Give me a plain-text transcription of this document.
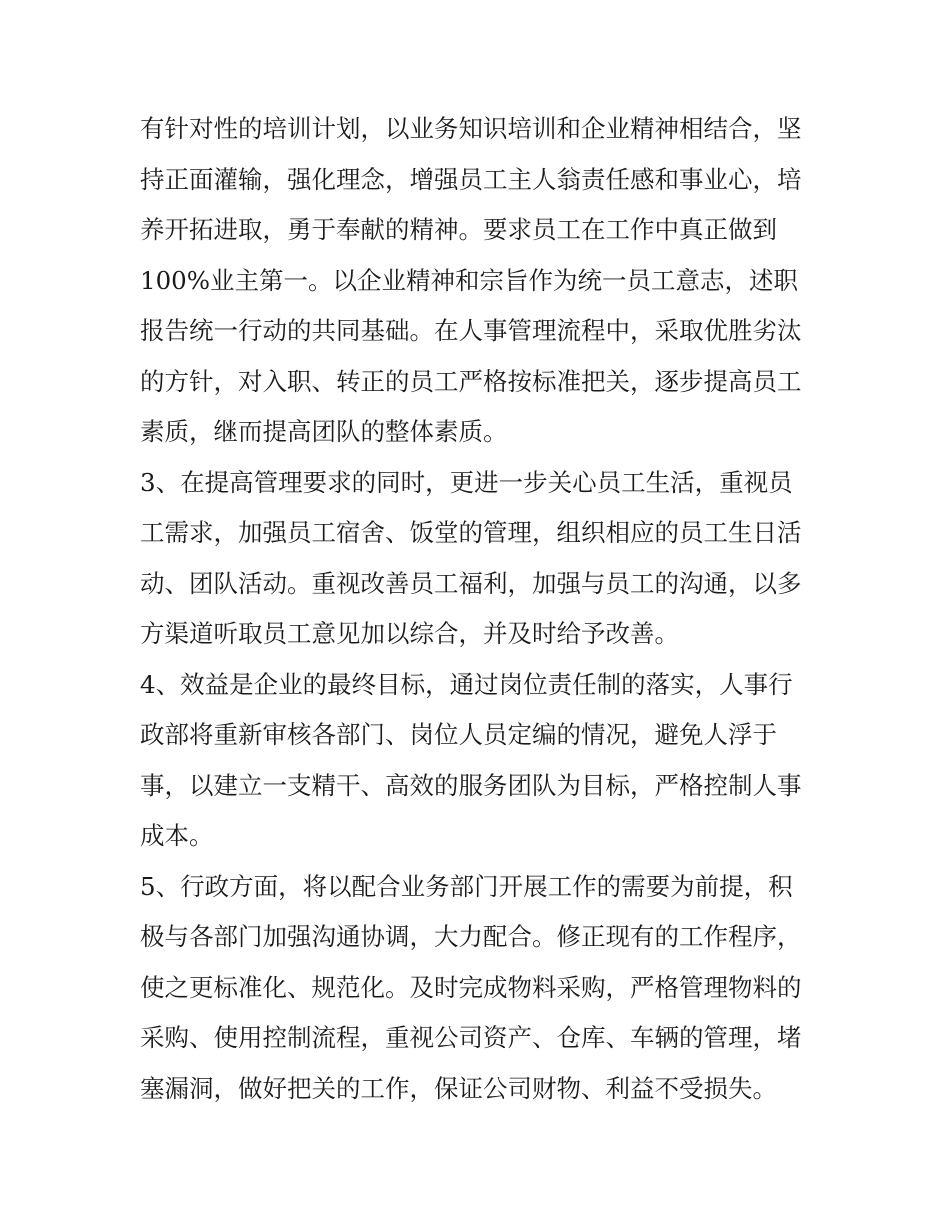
有针对性的培训计划，以业务知识培训和企业精神相结合，坚
持正面灌输，强化理念，增强员工主人翁责任感和事业心，培
养开拓进取，勇于奉献的精神。要求员工在工作中真正做到
100%业主第一。以企业精神和宗旨作为统一员工意志，述职
报告统一行动的共同基础。在人事管理流程中，采取优胜劣汰
的方针，对入职、转正的员工严格按标准把关，逐步提高员工
素质，继而提高团队的整体素质。

3、在提高管理要求的同时，更进一步关心员工生活，重视员
工需求，加强员工宿舍、饭堂的管理，组织相应的员工生日活
动、团队活动。重视改善员工福利，加强与员工的沟通，以多
方渠道听取员工意见加以综合，并及时给予改善。

4、效益是企业的最终目标，通过岗位责任制的落实，人事行
政部将重新审核各部门、岗位人员定编的情况，避免人浮于
事，以建立一支精干、高效的服务团队为目标，严格控制人事
成本。

5、行政方面，将以配合业务部门开展工作的需要为前提，积
极与各部门加强沟通协调，大力配合。修正现有的工作程序，
使之更标准化、规范化。及时完成物料采购，严格管理物料的
采购、使用控制流程，重视公司资产、仓库、车辆的管理，堵
塞漏洞，做好把关的工作，保证公司财物、利益不受损失。
